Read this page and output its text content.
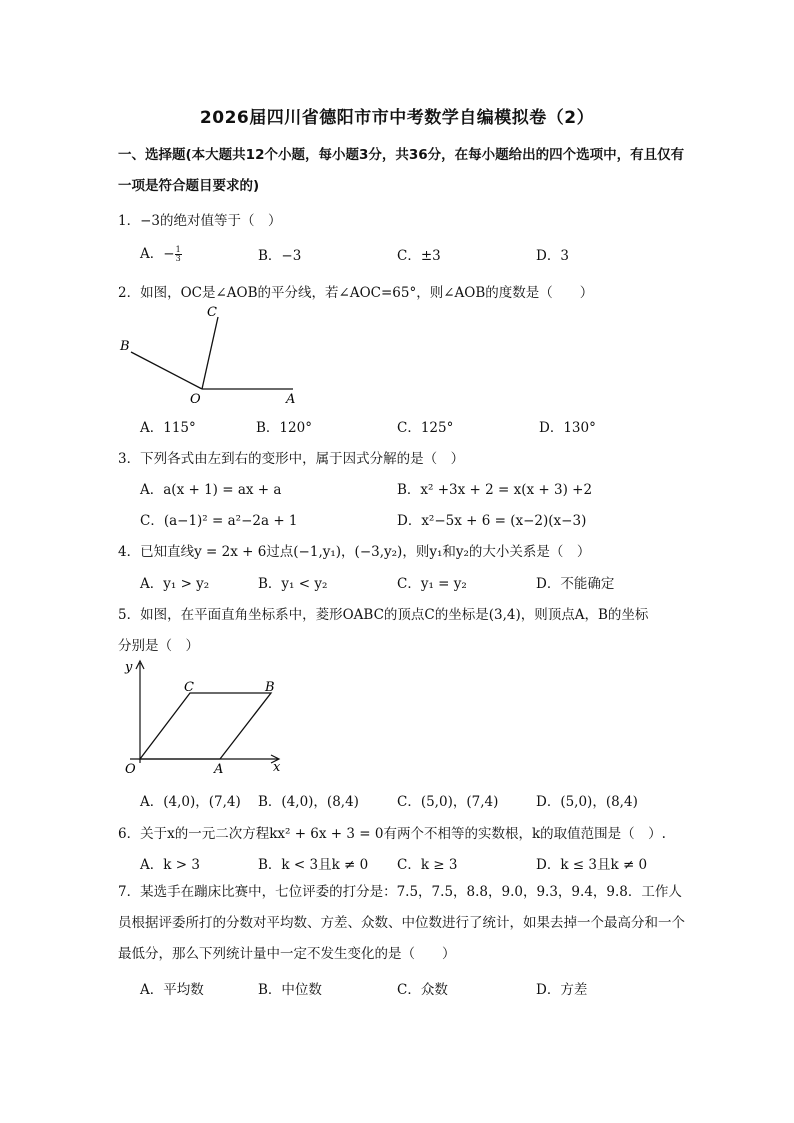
2026届四川省德阳市市中考数学自编模拟卷（2）
一、选择题(本大题共12个小题，每小题3分，共36分，在每小题给出的四个选项中，有且仅有一项是符合题目要求的)
1．−3的绝对值等于（　）
A．− $\frac{1}{3}$	B．−3	C．±3	D．3
2．如图，OC是∠AOB的平分线，若∠AOC=65°，则∠AOB的度数是（　　）
C
B
O	A
A．115°	B．120°	C．125°	D．130°
3．下列各式由左到右的变形中，属于因式分解的是（　）
A．a(x + 1) = ax + a	B．x² +3x + 2 = x(x + 3) +2
C．(a−1)² = a²−2a + 1	D．x²−5x + 6 = (x−2)(x−3)
4．已知直线y = 2x + 6过点(−1,y₁)，(−3,y₂)，则y₁和y₂的大小关系是（　）
A．y₁ > y₂	B．y₁ < y₂	C．y₁ = y₂	D．不能确定
5．如图，在平面直角坐标系中，菱形OABC的顶点C的坐标是(3,4)，则顶点A，B的坐标
分别是（　）
y
C	B
O	A	x
A．(4,0)，(7,4) B．(4,0)，(8,4)	C．(5,0)，(7,4)	D．(5,0)，(8,4)
6．关于x的一元二次方程kx² + 6x + 3 = 0有两个不相等的实数根，k的取值范围是（　）.
A．k > 3	B．k < 3且k ≠ 0 C．k ≥ 3	D．k ≤ 3且k ≠ 0
7．某选手在蹦床比赛中，七位评委的打分是：7.5，7.5，8.8，9.0，9.3，9.4，9.8．工作人员根据评委所打的分数对平均数、方差、众数、中位数进行了统计，如果去掉一个最高分和一个最低分，那么下列统计量中一定不发生变化的是（　　）
A．平均数	B．中位数	C．众数	D．方差
